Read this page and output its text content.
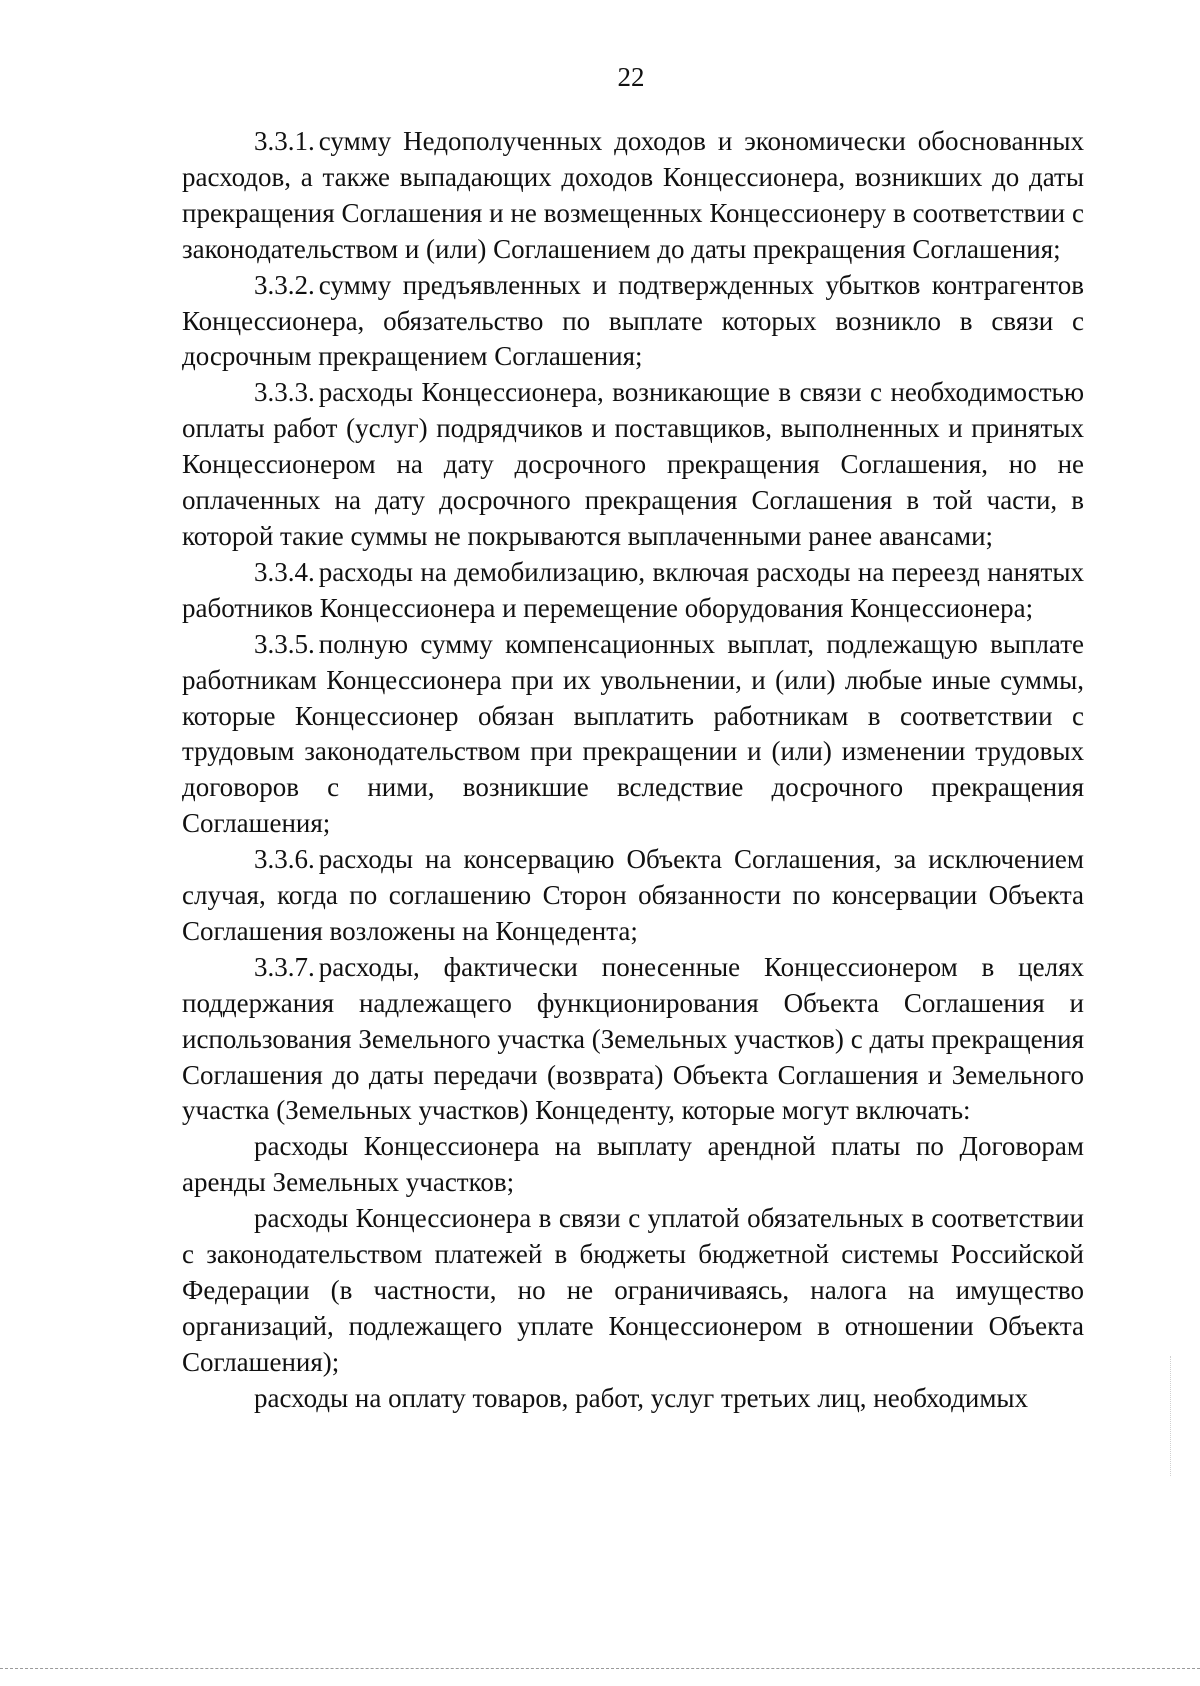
22

3.3.1. сумму Недополученных доходов и экономически обоснованных расходов, а также выпадающих доходов Концессионера, возникших до даты прекращения Соглашения и не возмещенных Концессионеру в соответствии с законодательством и (или) Соглашением до даты прекращения Соглашения;

3.3.2. сумму предъявленных и подтвержденных убытков контрагентов Концессионера, обязательство по выплате которых возникло в связи с досрочным прекращением Соглашения;

3.3.3. расходы Концессионера, возникающие в связи с необходимостью оплаты работ (услуг) подрядчиков и поставщиков, выполненных и принятых Концессионером на дату досрочного прекращения Соглашения, но не оплаченных на дату досрочного прекращения Соглашения в той части, в которой такие суммы не покрываются выплаченными ранее авансами;

3.3.4. расходы на демобилизацию, включая расходы на переезд нанятых работников Концессионера и перемещение оборудования Концессионера;

3.3.5. полную сумму компенсационных выплат, подлежащую выплате работникам Концессионера при их увольнении, и (или) любые иные суммы, которые Концессионер обязан выплатить работникам в соответствии с трудовым законодательством при прекращении и (или) изменении трудовых договоров с ними, возникшие вследствие досрочного прекращения Соглашения;

3.3.6. расходы на консервацию Объекта Соглашения, за исключением случая, когда по соглашению Сторон обязанности по консервации Объекта Соглашения возложены на Концедента;

3.3.7. расходы, фактически понесенные Концессионером в целях поддержания надлежащего функционирования Объекта Соглашения и использования Земельного участка (Земельных участков) с даты прекращения Соглашения до даты передачи (возврата) Объекта Соглашения и Земельного участка (Земельных участков) Концеденту, которые могут включать:

расходы Концессионера на выплату арендной платы по Договорам аренды Земельных участков;

расходы Концессионера в связи с уплатой обязательных в соответствии с законодательством платежей в бюджеты бюджетной системы Российской Федерации (в частности, но не ограничиваясь, налога на имущество организаций, подлежащего уплате Концессионером в отношении Объекта Соглашения);

расходы на оплату товаров, работ, услуг третьих лиц, необходимых
